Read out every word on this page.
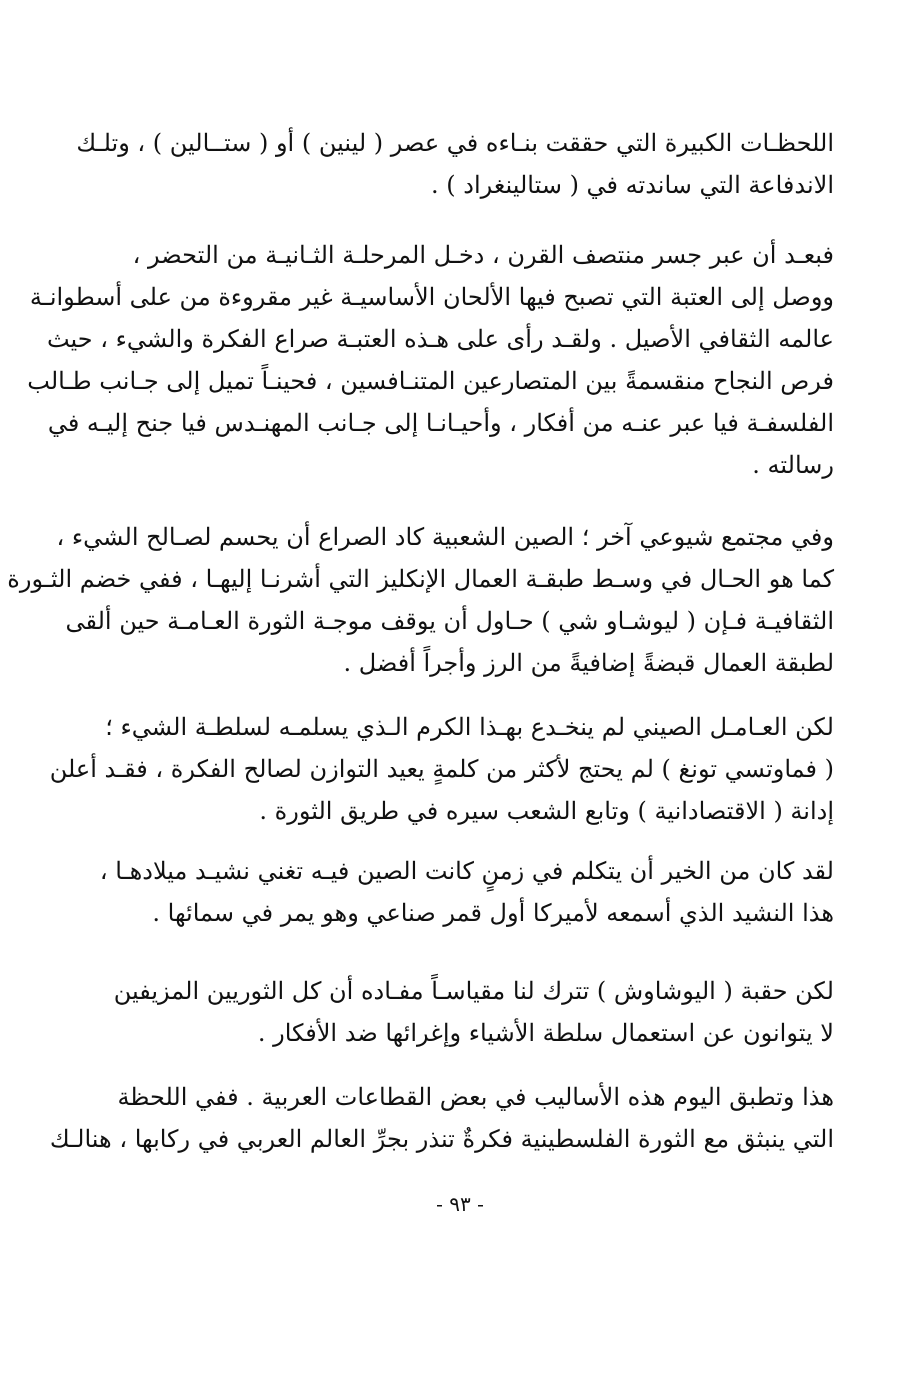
اللحظـات الكبيرة التي حققت بنـاءه في عصر ( لينين ) أو ( ستــالين ) ، وتلـك
الاندفاعة التي ساندته في ( ستالينغراد ) .
فبعـد أن عبر جسر منتصف القرن ، دخـل المرحلـة الثـانيـة من التحضر ،
ووصل إلى العتبة التي تصبح فيها الألحان الأساسيـة غير مقروءة من على أسطوانـة
عالمه الثقافي الأصيل . ولقـد رأى على هـذه العتبـة صراع الفكرة والشيء ، حيث
فرص النجاح منقسمةً بين المتصارعين المتنـافسين ، فحينـاً تميل إلى جـانب طـالب
الفلسفـة فيا عبر عنـه من أفكار ، وأحيـانـا إلى جـانب المهنـدس فيا جنح إليـه في
رسالته .
وفي مجتمع شيوعي آخر ؛ الصين الشعبية كاد الصراع أن يحسم لصـالح الشيء ،
كما هو الحـال في وسـط طبقـة العمال الإنكليز التي أشرنـا إليهـا ، ففي خضم الثـورة
الثقافيـة فـإن ( ليوشـاو شي ) حـاول أن يوقف موجـة الثورة العـامـة حين ألقى
لطبقة العمال قبضةً إضافيةً من الرز وأجراً أفضل .
لكن العـامـل الصيني لم ينخـدع بهـذا الكرم الـذي يسلمـه لسلطـة الشيء ؛
( فماوتسي تونغ ) لم يحتج لأكثر من كلمةٍ يعيد التوازن لصالح الفكرة ، فقـد أعلن
إدانة ( الاقتصادانية ) وتابع الشعب سيره في طريق الثورة .
لقد كان من الخير أن يتكلم في زمنٍ كانت الصين فيـه تغني نشيـد ميلادهـا ،
هذا النشيد الذي أسمعه لأميركا أول قمر صناعي وهو يمر في سمائها .
لكن حقبة ( اليوشاوش ) تترك لنا مقياسـاً مفـاده أن كل الثوريين المزيفين
لا يتوانون عن استعمال سلطة الأشياء وإغرائها ضد الأفكار .
هذا وتطبق اليوم هذه الأساليب في بعض القطاعات العربية . ففي اللحظة
التي ينبثق مع الثورة الفلسطينية فكرةٌ تنذر بجرِّ العالم العربي في ركابها ، هنالـك
- ٩٣ -
